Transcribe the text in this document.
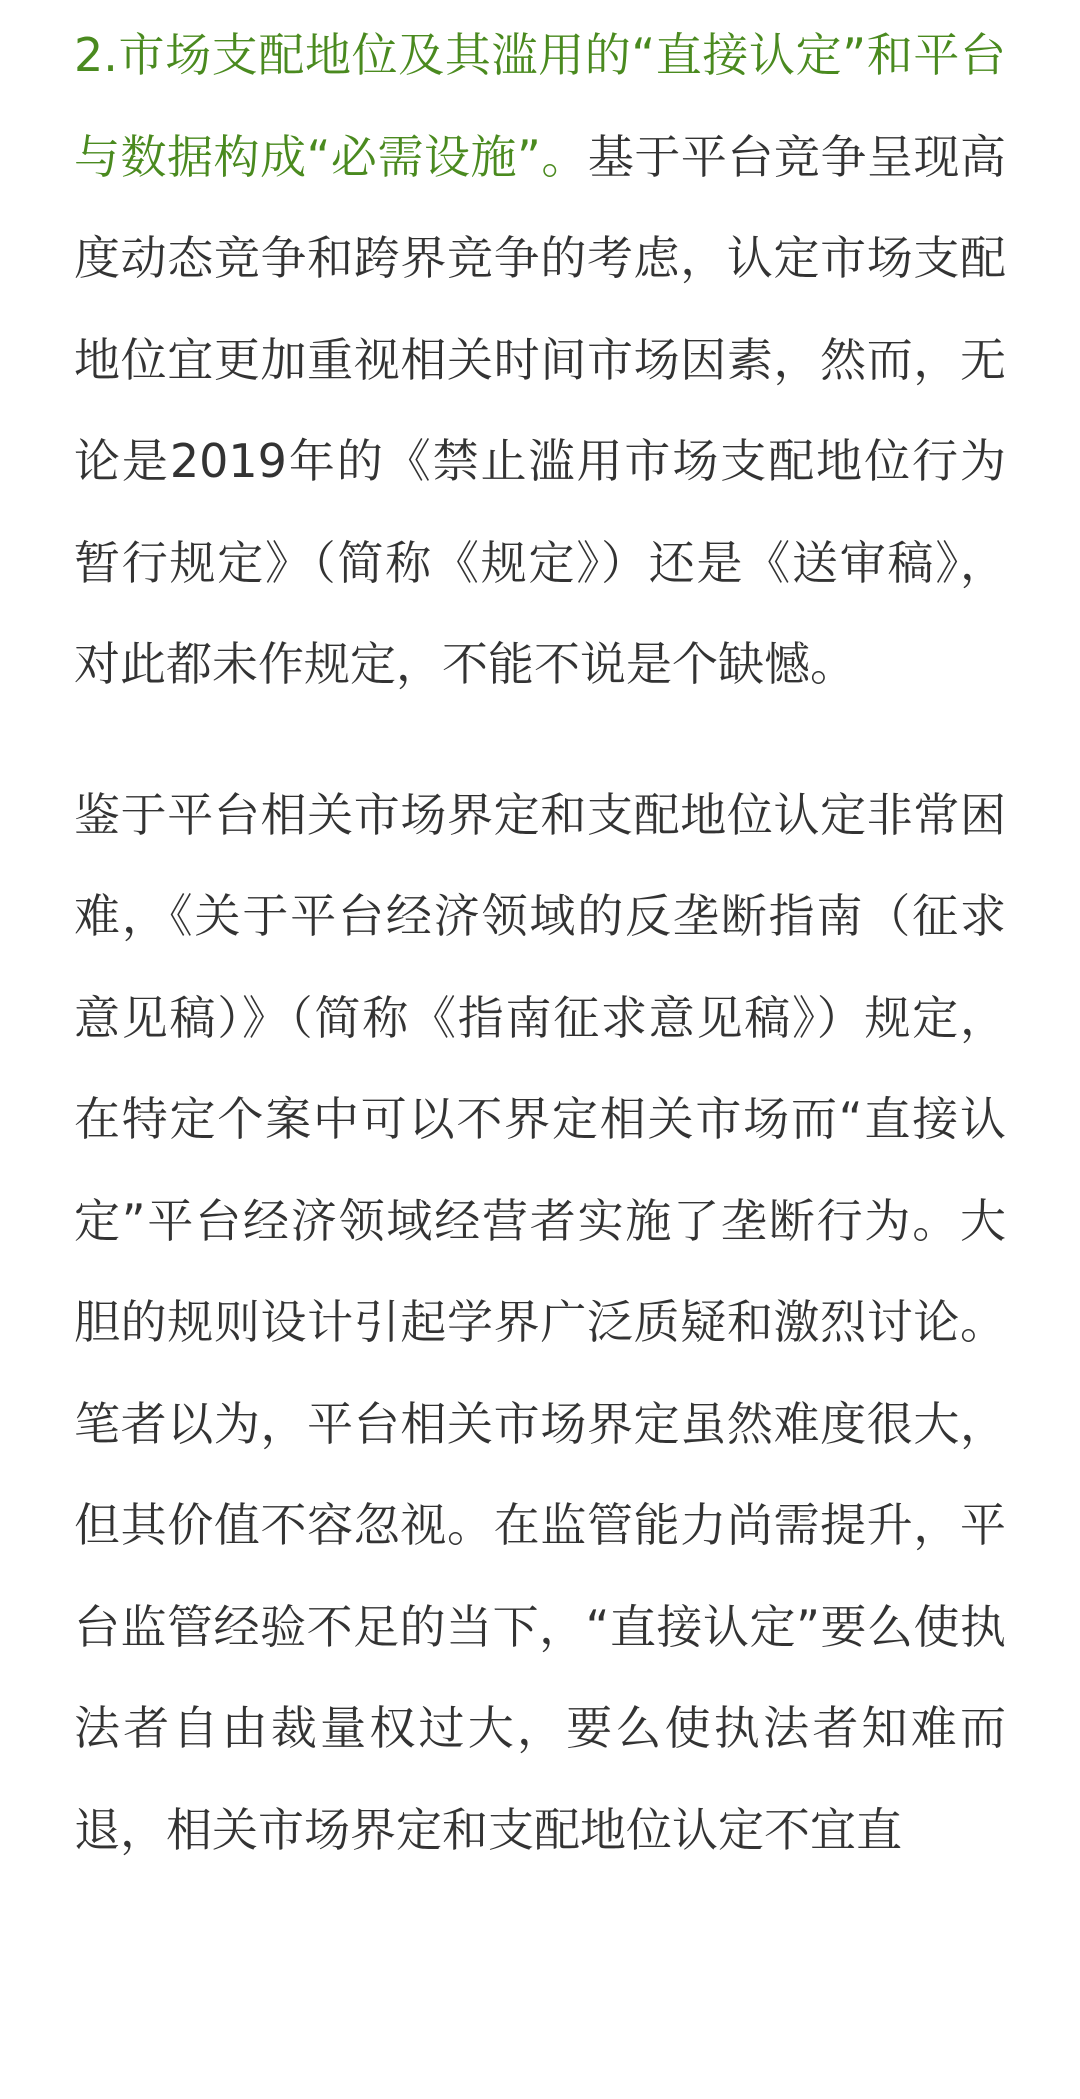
2.市场支配地位及其滥用的“直接认定”和平台与数据构成“必需设施”。基于平台竞争呈现高度动态竞争和跨界竞争的考虑，认定市场支配地位宜更加重视相关时间市场因素，然而，无论是2019年的《禁止滥用市场支配地位行为暂行规定》（简称《规定》）还是《送审稿》，对此都未作规定，不能不说是个缺憾。

鉴于平台相关市场界定和支配地位认定非常困难，《关于平台经济领域的反垄断指南（征求意见稿）》（简称《指南征求意见稿》）规定，在特定个案中可以不界定相关市场而“直接认定”平台经济领域经营者实施了垄断行为。大胆的规则设计引起学界广泛质疑和激烈讨论。笔者以为，平台相关市场界定虽然难度很大，但其价值不容忽视。在监管能力尚需提升，平台监管经验不足的当下，“直接认定”要么使执法者自由裁量权过大，要么使执法者知难而退，相关市场界定和支配地位认定不宜直
